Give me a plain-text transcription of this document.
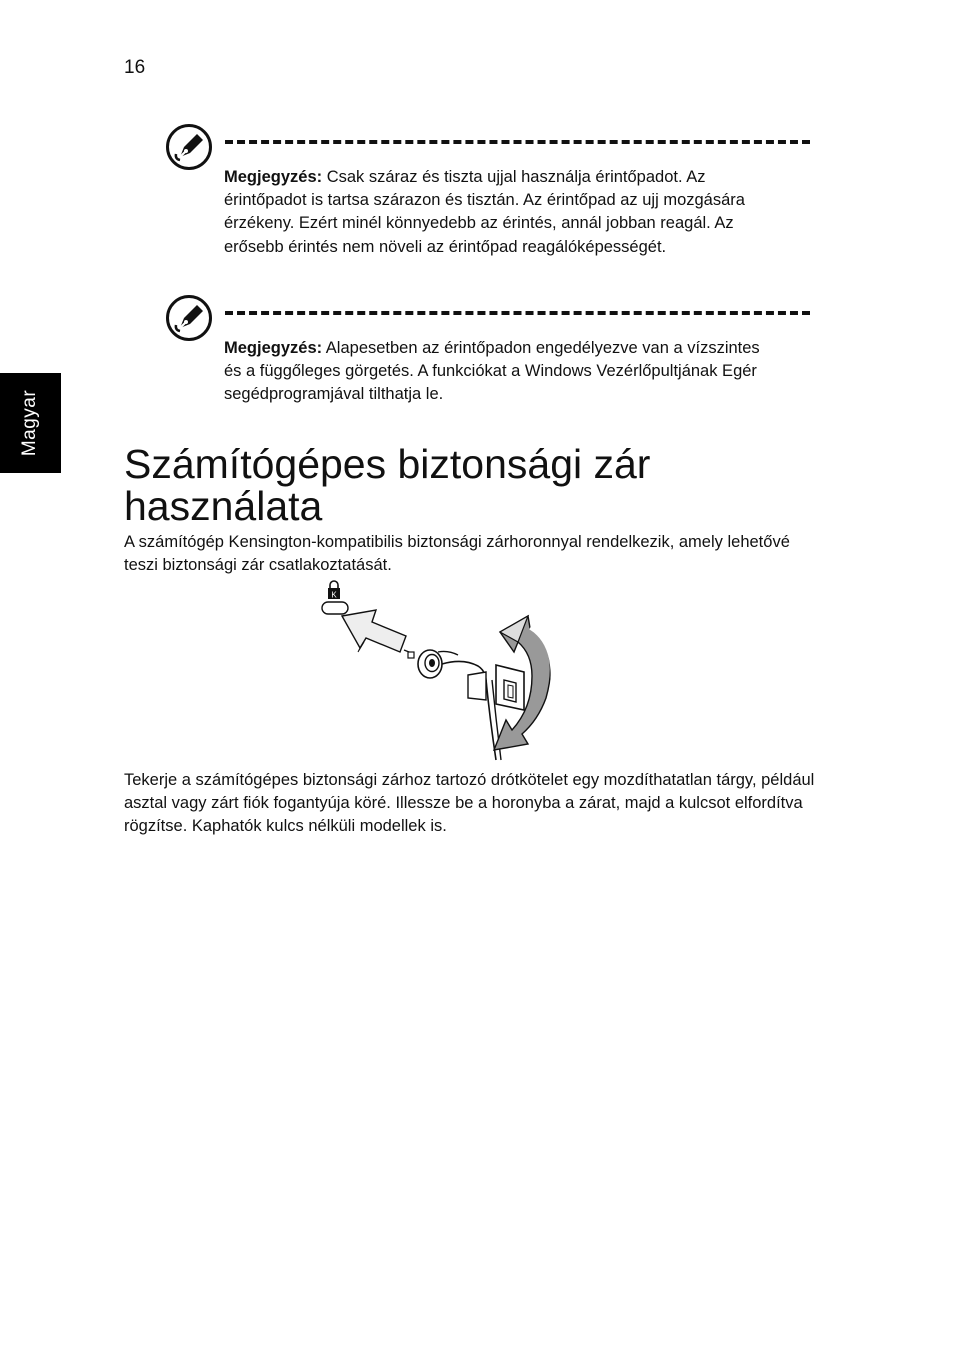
16
Magyar
Megjegyzés: Csak száraz és tiszta ujjal használja érintőpadot. Az érintőpadot is tartsa szárazon és tisztán. Az érintőpad az ujj mozgására érzékeny. Ezért minél könnyedebb az érintés, annál jobban reagál. Az erősebb érintés nem növeli az érintőpad reagálóképességét.
Megjegyzés: Alapesetben az érintőpadon engedélyezve van a vízszintes és a függőleges görgetés. A funkciókat a Windows Vezérlőpultjának Egér segédprogramjával tilthatja le.
Számítógépes biztonsági zár használata
A számítógép Kensington-kompatibilis biztonsági zárhoronnyal rendelkezik, amely lehetővé teszi biztonsági zár csatlakoztatását.
K
Tekerje a számítógépes biztonsági zárhoz tartozó drótkötelet egy mozdíthatatlan tárgy, például asztal vagy zárt fiók fogantyúja köré. Illessze be a horonyba a zárat, majd a kulcsot elfordítva rögzítse. Kaphatók kulcs nélküli modellek is.
